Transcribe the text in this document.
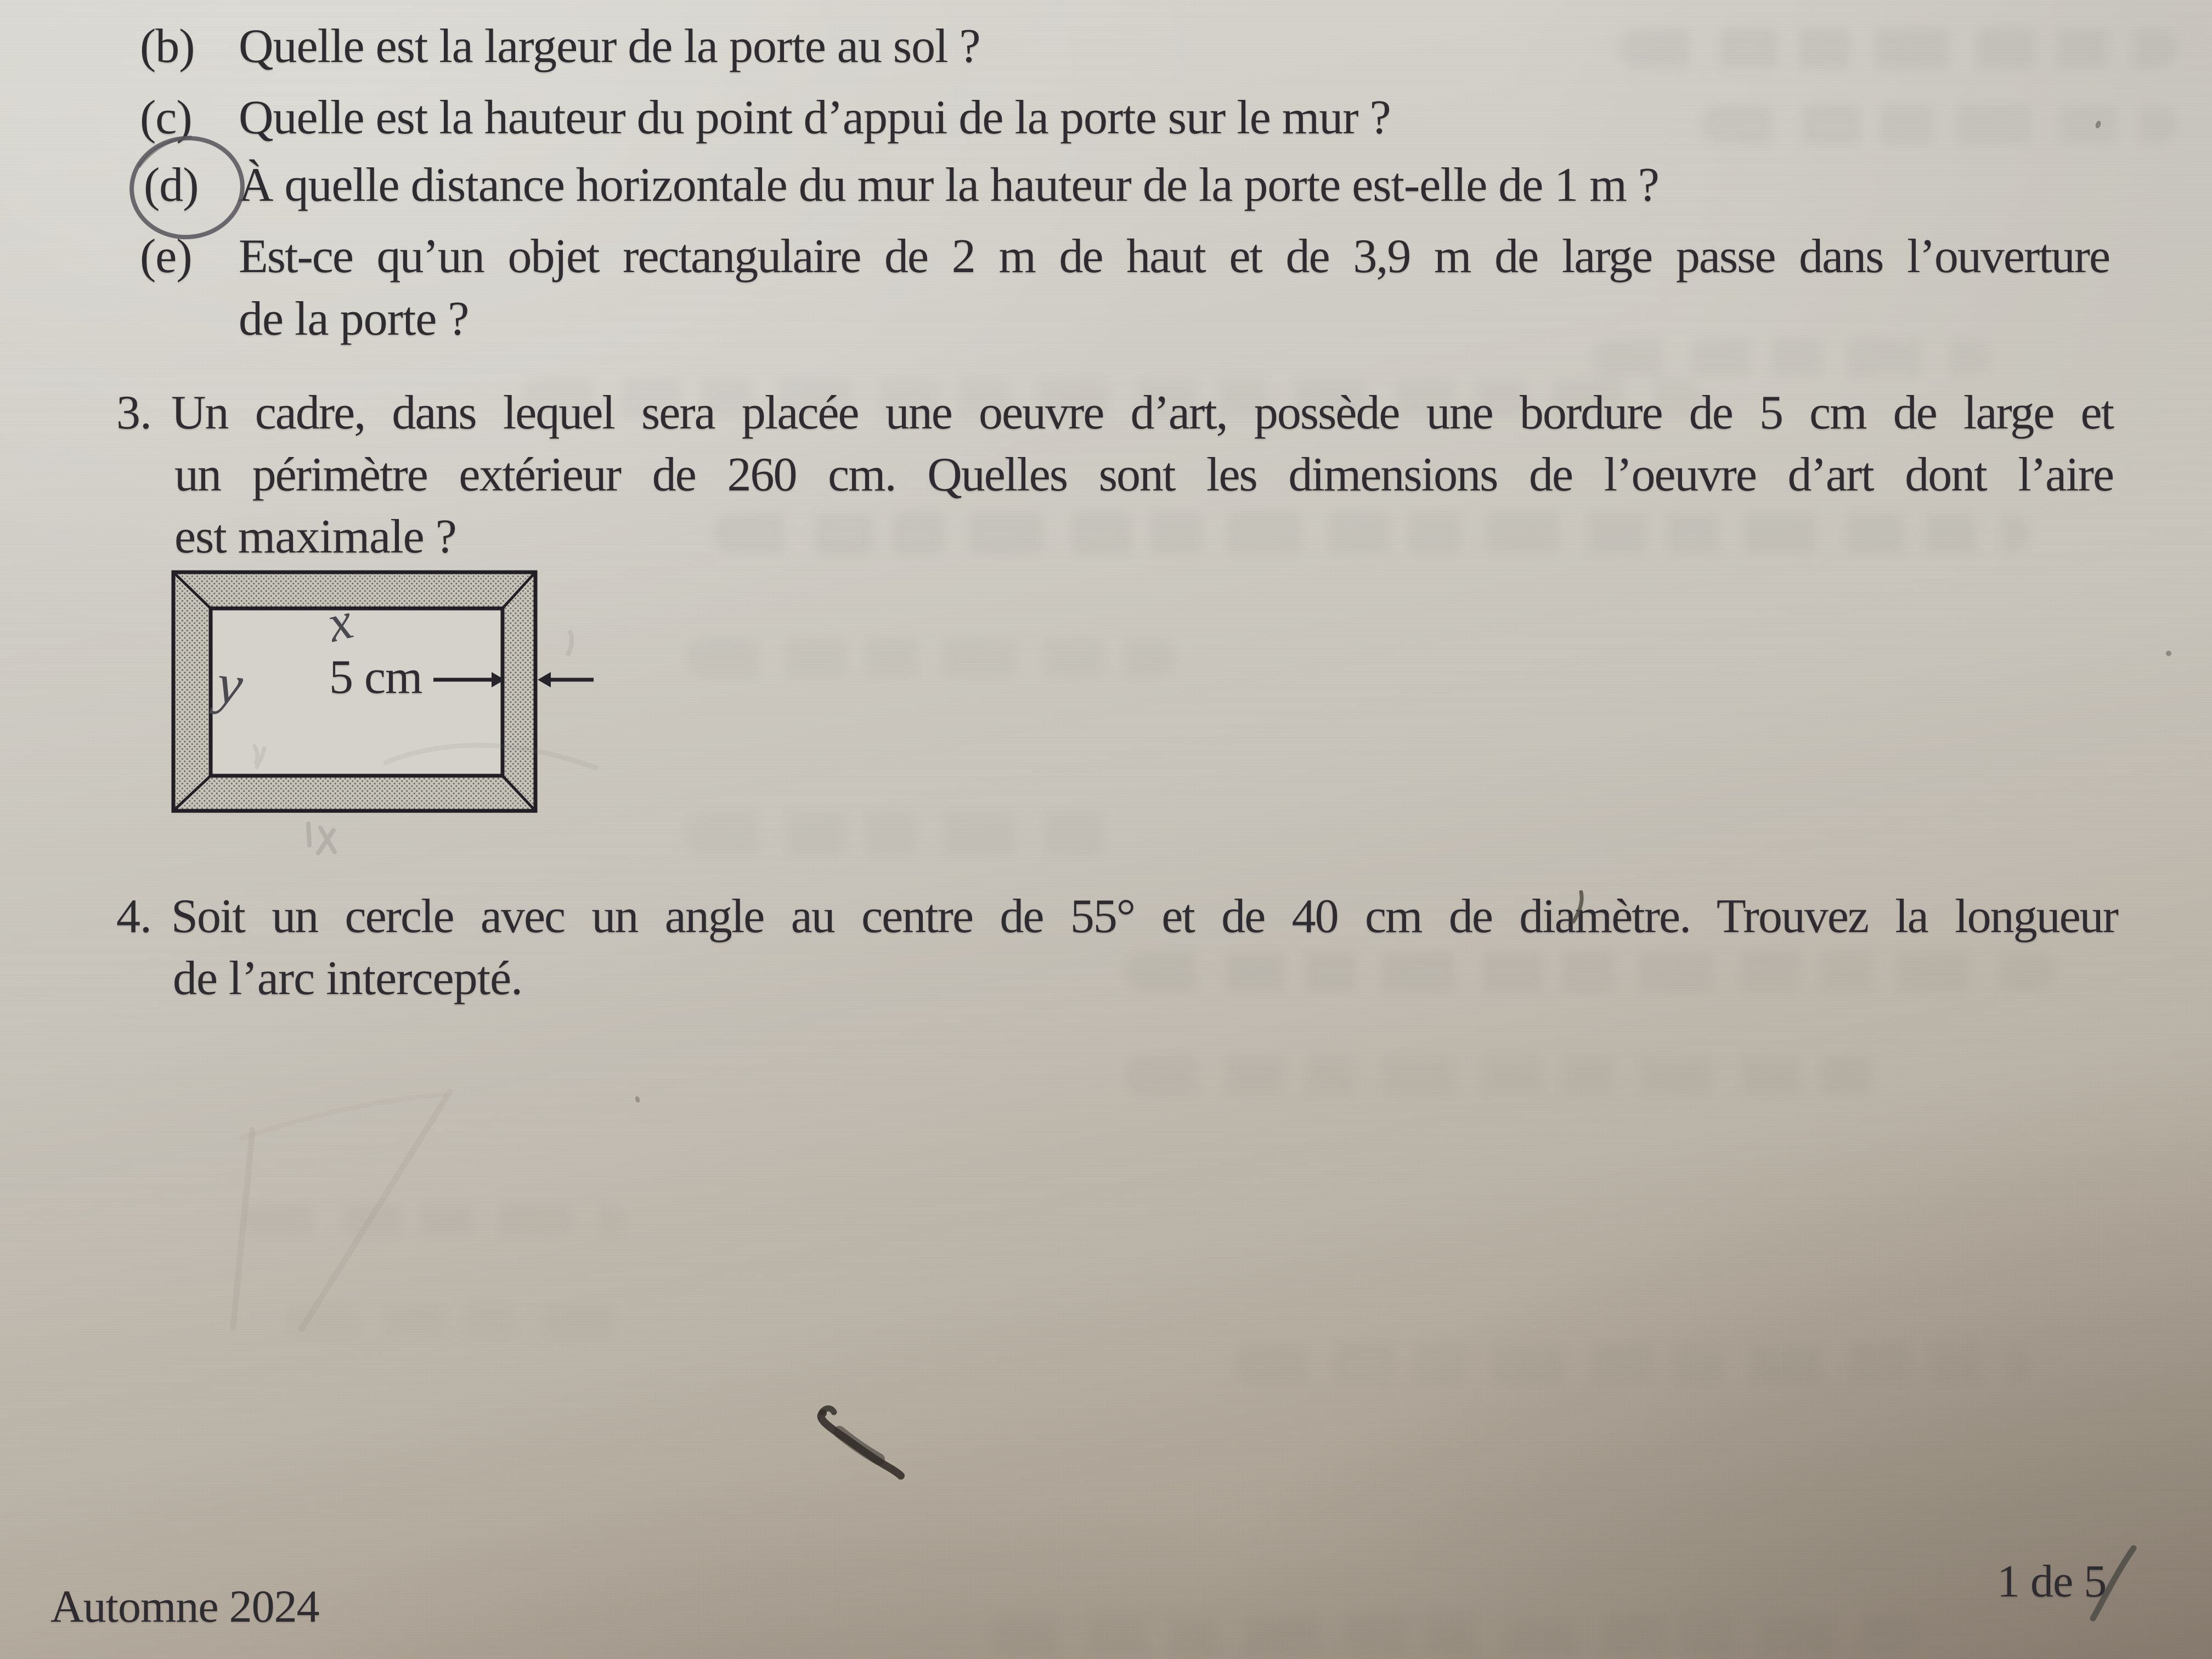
(b) Quelle est la largeur de la porte au sol ?
(c) Quelle est la hauteur du point d’appui de la porte sur le mur ?
(d) À quelle distance horizontale du mur la hauteur de la porte est-elle de 1 m ?
(e) Est-ce qu’un objet rectangulaire de 2 m de haut et de 3,9 m de large passe dans l’ouverture
de la porte ?
3. Un cadre, dans lequel sera placée une oeuvre d’art, possède une bordure de 5 cm de large et
un périmètre extérieur de 260 cm. Quelles sont les dimensions de l’oeuvre d’art dont l’aire
est maximale ?
4. Soit un cercle avec un angle au centre de 55° et de 40 cm de diamètre. Trouvez la longueur
de l’arc intercepté.
5 cm
x
y
Automne 2024	1 de 5
